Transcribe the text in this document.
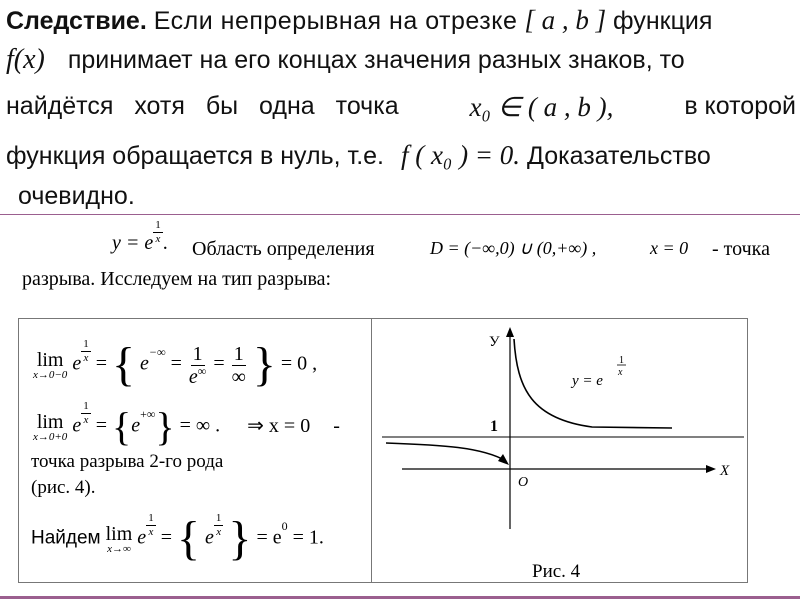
Следствие. Если непрерывная на отрезке [ a , b ] функция
f(x) принимает на его концах значения разных знаков, то
найдётся хотя бы одна точка	x₀ ∈ ( a , b ),	в которой
функция обращается в нуль, т.е. f ( x₀ ) = 0. Доказательство
очевидно.
y = e $\frac{1}{x}$ . Область определения	D = (−∞,0) ∪ (0,+∞) ,	x = 0 - точка
разрыва. Исследуем на тип разрыва:
lim
x→0−0 e
$\frac{1}{x}$
= { $e^{-\infty} = \frac{1}{e^\infty} = \frac{1}{\infty}$ } = 0 ,
lim
x→0+0 e
$\frac{1}{x}$
= {e+∞} = ∞ . ⇒ x = 0 -
точка разрыва 2-го рода
(рис. 4).
Найдем lim
x→∞ e
$\frac{1}{x}$
= { e
$\frac{1}{x}$ } = $e^0 = 1$.
У
X
O
1
y = e
1
x
Рис. 4
